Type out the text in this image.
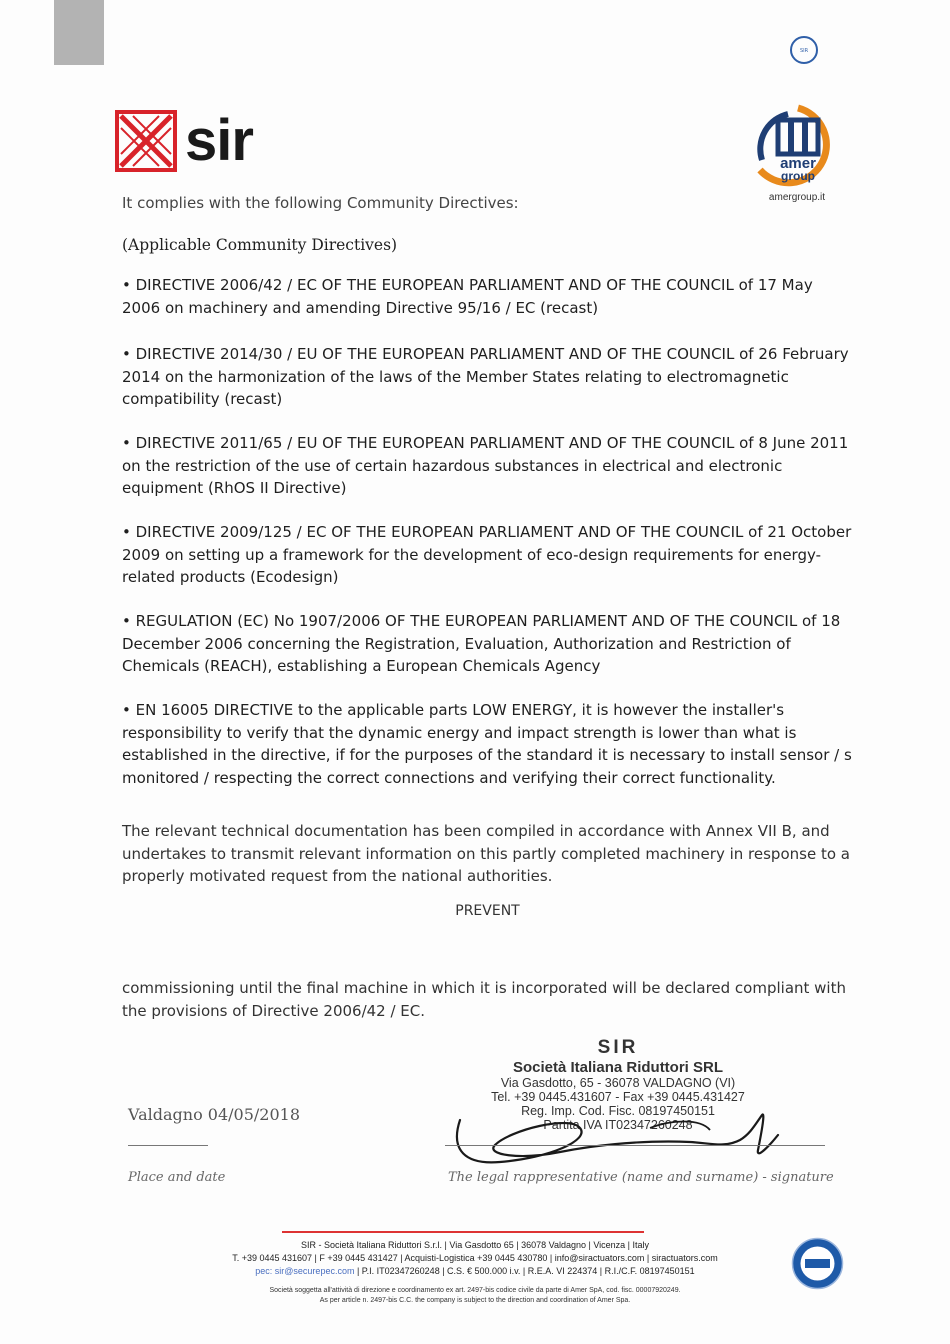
SIR
sir	amer
group
amergroup.it
It complies with the following Community Directives:
(Applicable Community Directives)
• DIRECTIVE 2006/42 / EC OF THE EUROPEAN PARLIAMENT AND OF THE COUNCIL of 17 May 2006 on machinery and amending Directive 95/16 / EC (recast)
• DIRECTIVE 2014/30 / EU OF THE EUROPEAN PARLIAMENT AND OF THE COUNCIL of 26 February 2014 on the harmonization of the laws of the Member States relating to electromagnetic compatibility (recast)
• DIRECTIVE 2011/65 / EU OF THE EUROPEAN PARLIAMENT AND OF THE COUNCIL of 8 June 2011 on the restriction of the use of certain hazardous substances in electrical and electronic equipment (RhOS II Directive)
• DIRECTIVE 2009/125 / EC OF THE EUROPEAN PARLIAMENT AND OF THE COUNCIL of 21 October 2009 on setting up a framework for the development of eco-design requirements for energy-related products (Ecodesign)
• REGULATION (EC) No 1907/2006 OF THE EUROPEAN PARLIAMENT AND OF THE COUNCIL of 18 December 2006 concerning the Registration, Evaluation, Authorization and Restriction of Chemicals (REACH), establishing a European Chemicals Agency
• EN 16005 DIRECTIVE to the applicable parts LOW ENERGY, it is however the installer's responsibility to verify that the dynamic energy and impact strength is lower than what is established in the directive, if for the purposes of the standard it is necessary to install sensor / s monitored / respecting the correct connections and verifying their correct functionality.
The relevant technical documentation has been compiled in accordance with Annex VII B, and undertakes to transmit relevant information on this partly completed machinery in response to a properly motivated request from the national authorities.
PREVENT
commissioning until the final machine in which it is incorporated will be declared compliant with the provisions of Directive 2006/42 / EC.
SIR
Società Italiana Riduttori SRL
Via Gasdotto, 65 - 36078 VALDAGNO (VI)
Tel. +39 0445.431607 - Fax +39 0445.431427
Reg. Imp. Cod. Fisc. 08197450151
Partita IVA IT02347260248
Valdagno 04/05/2018
Place and date	The legal rappresentative (name and surname) - signature
SIR - Società Italiana Riduttori S.r.l. | Via Gasdotto 65 | 36078 Valdagno | Vicenza | Italy
T. +39 0445 431607 | F +39 0445 431427 | Acquisti-Logistica +39 0445 430780 | info@siractuators.com | siractuators.com
pec: sir@securepec.com | P.I. IT02347260248 | C.S. € 500.000 i.v. | R.E.A. VI 224374 | R.I./C.F. 08197450151
Società soggetta all'attività di direzione e coordinamento ex art. 2497-bis codice civile da parte di Amer SpA, cod. fisc. 00007920249.
As per article n. 2497-bis C.C. the company is subject to the direction and coordination of Amer Spa.
